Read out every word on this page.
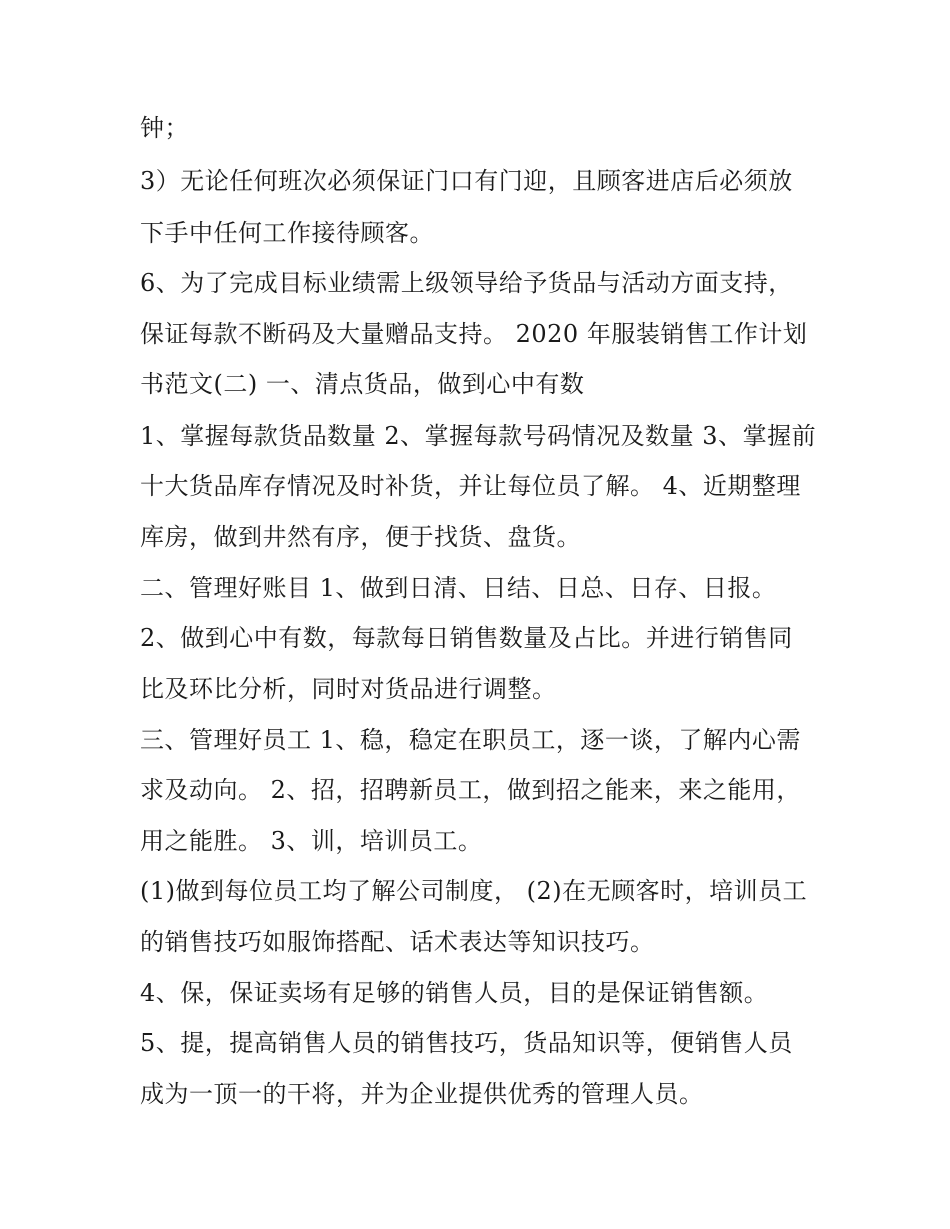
钟；
3）无论任何班次必须保证门口有门迎，且顾客进店后必须放
下手中任何工作接待顾客。
6、为了完成目标业绩需上级领导给予货品与活动方面支持，
保证每款不断码及大量赠品支持。 2020 年服装销售工作计划
书范文(二) 一、清点货品，做到心中有数
1、掌握每款货品数量 2、掌握每款号码情况及数量 3、掌握前
十大货品库存情况及时补货，并让每位员了解。 4、近期整理
库房，做到井然有序，便于找货、盘货。
二、管理好账目 1、做到日清、日结、日总、日存、日报。
2、做到心中有数，每款每日销售数量及占比。并进行销售同
比及环比分析，同时对货品进行调整。
三、管理好员工 1、稳，稳定在职员工，逐一谈，了解内心需
求及动向。 2、招，招聘新员工，做到招之能来，来之能用，
用之能胜。 3、训，培训员工。
(1)做到每位员工均了解公司制度， (2)在无顾客时，培训员工
的销售技巧如服饰搭配、话术表达等知识技巧。
4、保，保证卖场有足够的销售人员，目的是保证销售额。
5、提，提高销售人员的销售技巧，货品知识等，便销售人员
成为一顶一的干将，并为企业提供优秀的管理人员。
